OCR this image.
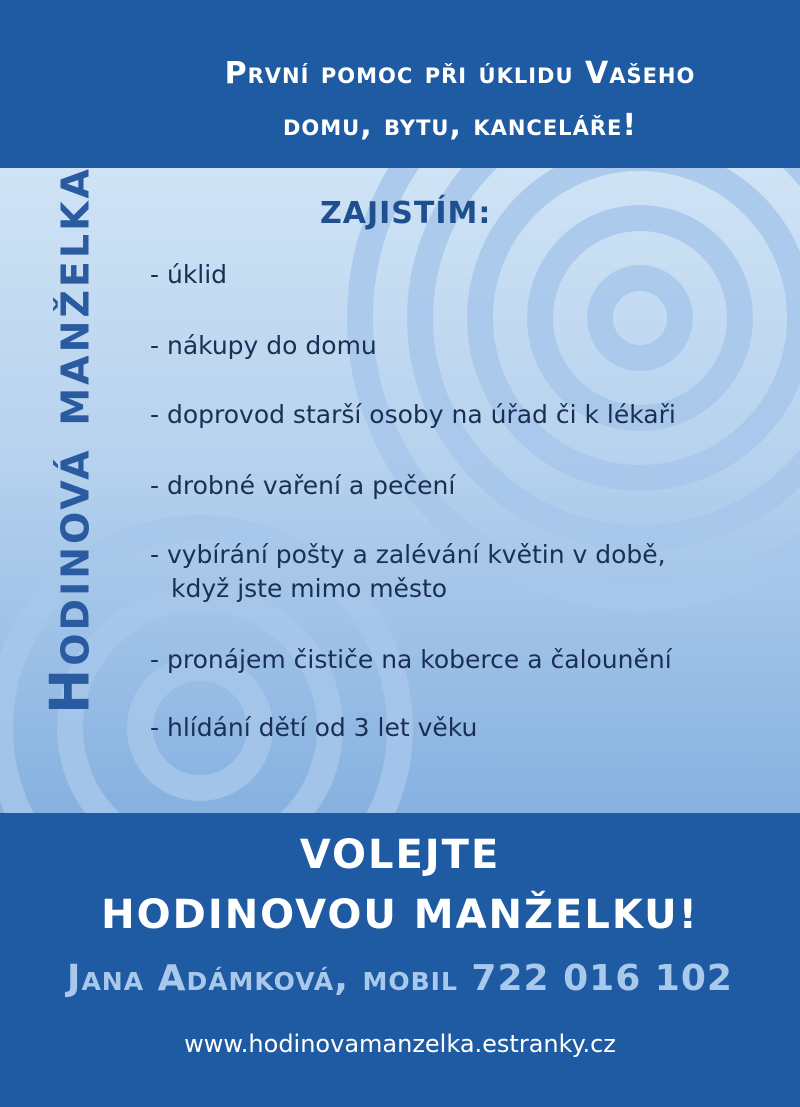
Hodinová manželka
První pomoc při úklidu Vašeho
domu, bytu, kanceláře!
ZAJISTÍM:
- úklid
- nákupy do domu
- doprovod starší osoby na úřad či k lékaři
- drobné vaření a pečení
- vybírání pošty a zalévání květin v době,
když jste mimo město
- pronájem čističe na koberce a čalounění
- hlídání dětí od 3 let věku
VOLEJTE
HODINOVOU MANŽELKU!
Jana Adámková, mobil 722 016 102
www.hodinovamanzelka.estranky.cz
